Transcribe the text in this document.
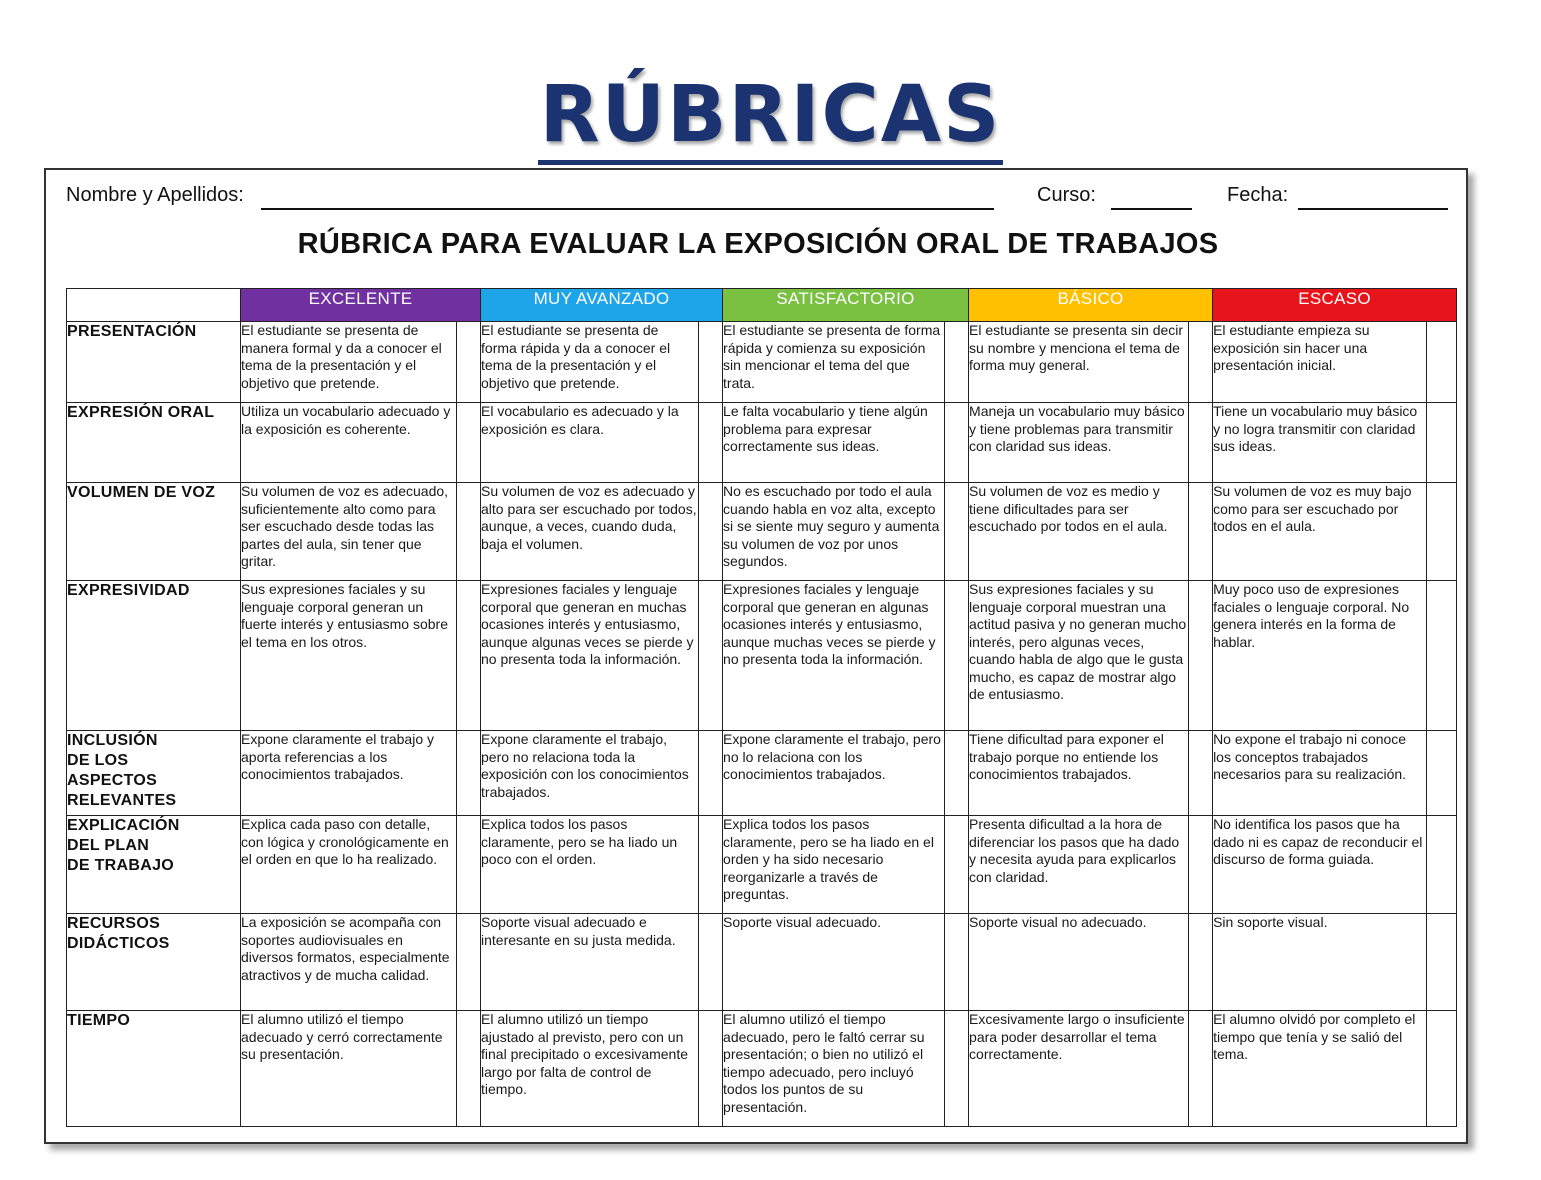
RÚBRICAS
Nombre y Apellidos:	Curso:	Fecha:
RÚBRICA PARA EVALUAR LA EXPOSICIÓN ORAL DE TRABAJOS
	EXCELENTE		MUY AVANZADO		SATISFACTORIO		BÁSICO		ESCASO	
PRESENTACIÓN	El estudiante se presenta de manera formal y da a conocer el tema de la presentación y el objetivo que pretende.		El estudiante se presenta de forma rápida y da a conocer el tema de la presentación y el objetivo que pretende.		El estudiante se presenta de forma rápida y comienza su exposición sin mencionar el tema del que trata.		El estudiante se presenta sin decir su nombre y menciona el tema de forma muy general.		El estudiante empieza su exposición sin hacer una presentación inicial.	
EXPRESIÓN ORAL	Utiliza un vocabulario adecuado y la exposición es coherente.		El vocabulario es adecuado y la exposición es clara.		Le falta vocabulario y tiene algún problema para expresar correctamente sus ideas.		Maneja un vocabulario muy básico y tiene problemas para transmitir con claridad sus ideas.		Tiene un vocabulario muy básico y no logra transmitir con claridad sus ideas.	
VOLUMEN DE VOZ	Su volumen de voz es adecuado, suficientemente alto como para ser escuchado desde todas las partes del aula, sin tener que gritar.		Su volumen de voz es adecuado y alto para ser escuchado por todos, aunque, a veces, cuando duda, baja el volumen.		No es escuchado por todo el aula cuando habla en voz alta, excepto si se siente muy seguro y aumenta su volumen de voz por unos segundos.		Su volumen de voz es medio y tiene dificultades para ser escuchado por todos en el aula.		Su volumen de voz es muy bajo como para ser escuchado por todos en el aula.	
EXPRESIVIDAD	Sus expresiones faciales y su lenguaje corporal generan un fuerte interés y entusiasmo sobre el tema en los otros.		Expresiones faciales y lenguaje corporal que generan en muchas ocasiones interés y entusiasmo, aunque algunas veces se pierde y no presenta toda la información.		Expresiones faciales y lenguaje corporal que generan en algunas ocasiones interés y entusiasmo, aunque muchas veces se pierde y no presenta toda la información.		Sus expresiones faciales y su lenguaje corporal muestran una actitud pasiva y no generan mucho interés, pero algunas veces, cuando habla de algo que le gusta mucho, es capaz de mostrar algo de entusiasmo.		Muy poco uso de expresiones faciales o lenguaje corporal. No genera interés en la forma de hablar.	
INCLUSIÓN
DE LOS
ASPECTOS
RELEVANTES	Expone claramente el trabajo y aporta referencias a los conocimientos trabajados.		Expone claramente el trabajo, pero no relaciona toda la exposición con los conocimientos trabajados.		Expone claramente el trabajo, pero no lo relaciona con los conocimientos trabajados.		Tiene dificultad para exponer el trabajo porque no entiende los conocimientos trabajados.		No expone el trabajo ni conoce los conceptos trabajados necesarios para su realización.	
EXPLICACIÓN
DEL PLAN
DE TRABAJO	Explica cada paso con detalle, con lógica y cronológicamente en el orden en que lo ha realizado.		Explica todos los pasos claramente, pero se ha liado un poco con el orden.		Explica todos los pasos claramente, pero se ha liado en el orden y ha sido necesario reorganizarle a través de preguntas.		Presenta dificultad a la hora de diferenciar los pasos que ha dado y necesita ayuda para explicarlos con claridad.		No identifica los pasos que ha dado ni es capaz de reconducir el discurso de forma guiada.	
RECURSOS
DIDÁCTICOS	La exposición se acompaña con soportes audiovisuales en diversos formatos, especialmente atractivos y de mucha calidad.		Soporte visual adecuado e interesante en su justa medida.		Soporte visual adecuado.		Soporte visual no adecuado.		Sin soporte visual.	
TIEMPO	El alumno utilizó el tiempo adecuado y cerró correctamente su presentación.		El alumno utilizó un tiempo ajustado al previsto, pero con un final precipitado o excesivamente largo por falta de control de tiempo.		El alumno utilizó el tiempo adecuado, pero le faltó cerrar su presentación; o bien no utilizó el tiempo adecuado, pero incluyó todos los puntos de su presentación.		Excesivamente largo o insuficiente para poder desarrollar el tema correctamente.		El alumno olvidó por completo el tiempo que tenía y se salió del tema.	
